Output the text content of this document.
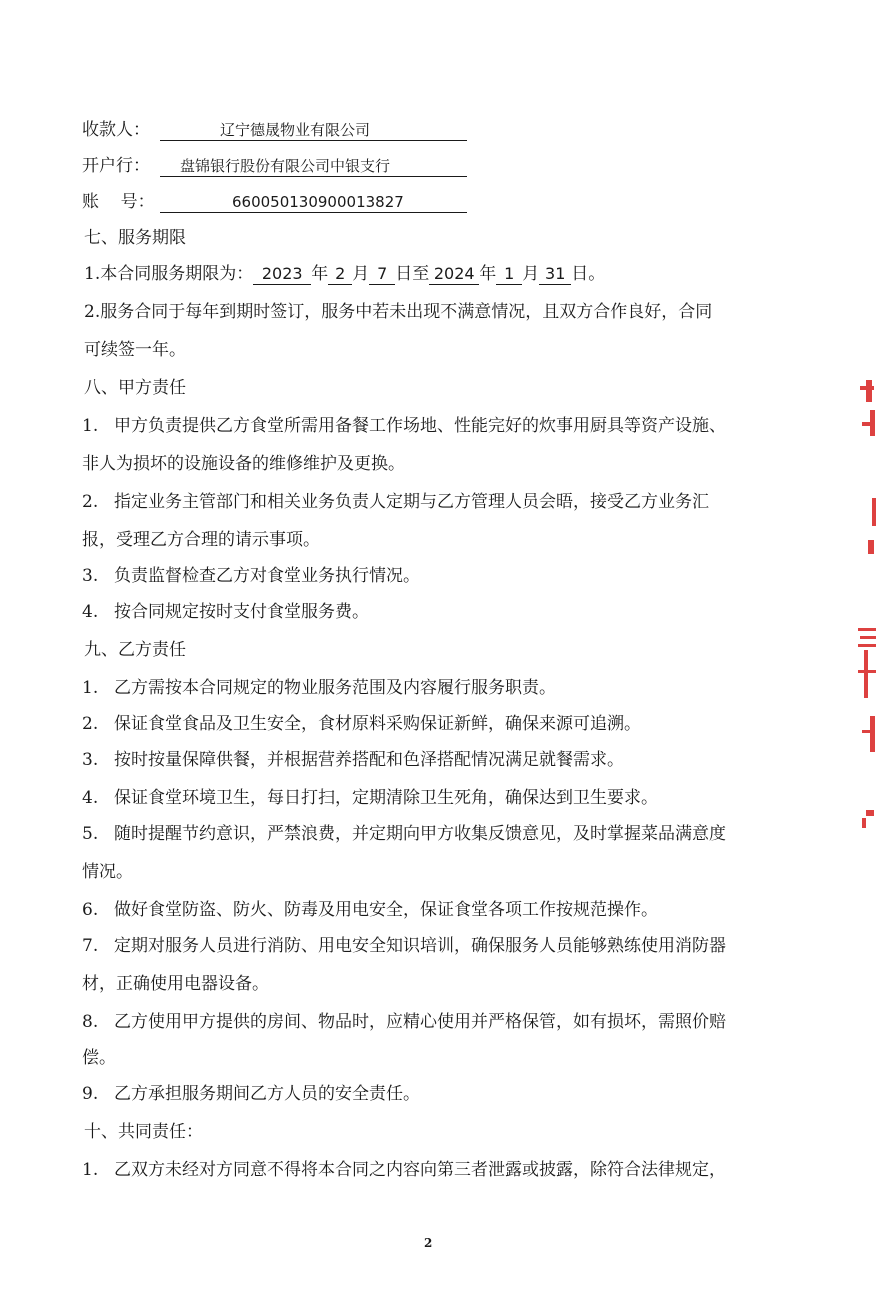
收款人：	辽宁德晟物业有限公司
开户行： 盘锦银行股份有限公司中银支行
账    号：	660050130900013827
七、服务期限
1.本合同服务期限为： 2023 年 2 月 7 日至 2024 年 1 月 31 日。
2.服务合同于每年到期时签订，服务中若未出现不满意情况，且双方合作良好，合同
可续签一年。
八、甲方责任
1. 甲方负责提供乙方食堂所需用备餐工作场地、性能完好的炊事用厨具等资产设施、
非人为损坏的设施设备的维修维护及更换。
2. 指定业务主管部门和相关业务负责人定期与乙方管理人员会晤，接受乙方业务汇
报，受理乙方合理的请示事项。
3. 负责监督检查乙方对食堂业务执行情况。
4. 按合同规定按时支付食堂服务费。
九、乙方责任
1. 乙方需按本合同规定的物业服务范围及内容履行服务职责。
2. 保证食堂食品及卫生安全，食材原料采购保证新鲜，确保来源可追溯。
3. 按时按量保障供餐，并根据营养搭配和色泽搭配情况满足就餐需求。
4. 保证食堂环境卫生，每日打扫，定期清除卫生死角，确保达到卫生要求。
5. 随时提醒节约意识，严禁浪费，并定期向甲方收集反馈意见，及时掌握菜品满意度
情况。
6. 做好食堂防盗、防火、防毒及用电安全，保证食堂各项工作按规范操作。
7. 定期对服务人员进行消防、用电安全知识培训，确保服务人员能够熟练使用消防器
材，正确使用电器设备。
8. 乙方使用甲方提供的房间、物品时，应精心使用并严格保管，如有损坏，需照价赔
偿。
9. 乙方承担服务期间乙方人员的安全责任。
十、共同责任：
1. 乙双方未经对方同意不得将本合同之内容向第三者泄露或披露，除符合法律规定，
2
